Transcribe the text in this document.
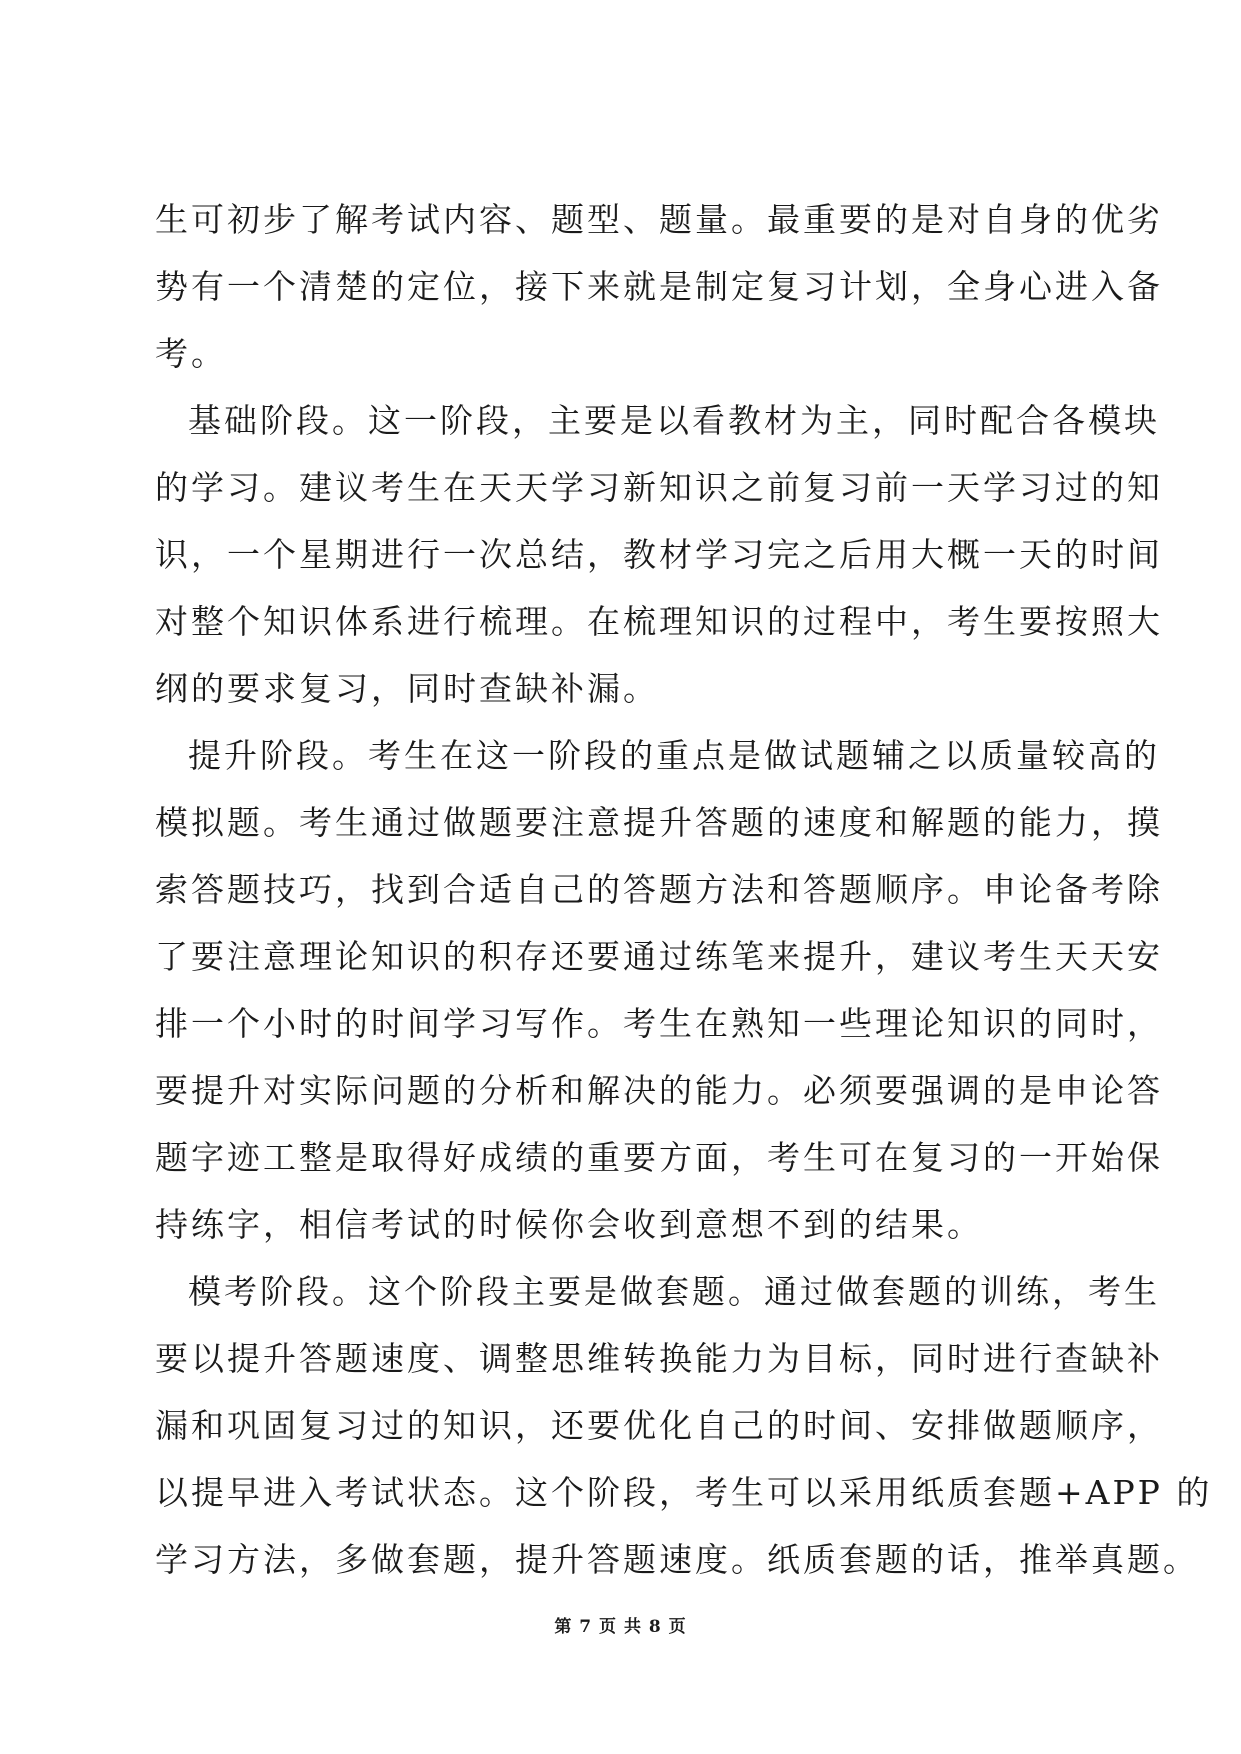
生可初步了解考试内容、题型、题量。最重要的是对自身的优劣
势有一个清楚的定位，接下来就是制定复习计划，全身心进入备
考。
基础阶段。这一阶段，主要是以看教材为主，同时配合各模块
的学习。建议考生在天天学习新知识之前复习前一天学习过的知
识，一个星期进行一次总结，教材学习完之后用大概一天的时间
对整个知识体系进行梳理。在梳理知识的过程中，考生要按照大
纲的要求复习，同时查缺补漏。
提升阶段。考生在这一阶段的重点是做试题辅之以质量较高的
模拟题。考生通过做题要注意提升答题的速度和解题的能力，摸
索答题技巧，找到合适自己的答题方法和答题顺序。申论备考除
了要注意理论知识的积存还要通过练笔来提升，建议考生天天安
排一个小时的时间学习写作。考生在熟知一些理论知识的同时，
要提升对实际问题的分析和解决的能力。必须要强调的是申论答
题字迹工整是取得好成绩的重要方面，考生可在复习的一开始保
持练字，相信考试的时候你会收到意想不到的结果。
模考阶段。这个阶段主要是做套题。通过做套题的训练，考生
要以提升答题速度、调整思维转换能力为目标，同时进行查缺补
漏和巩固复习过的知识，还要优化自己的时间、安排做题顺序，
以提早进入考试状态。这个阶段，考生可以采用纸质套题+APP 的
学习方法，多做套题，提升答题速度。纸质套题的话，推举真题。
第 7 页 共 8 页
